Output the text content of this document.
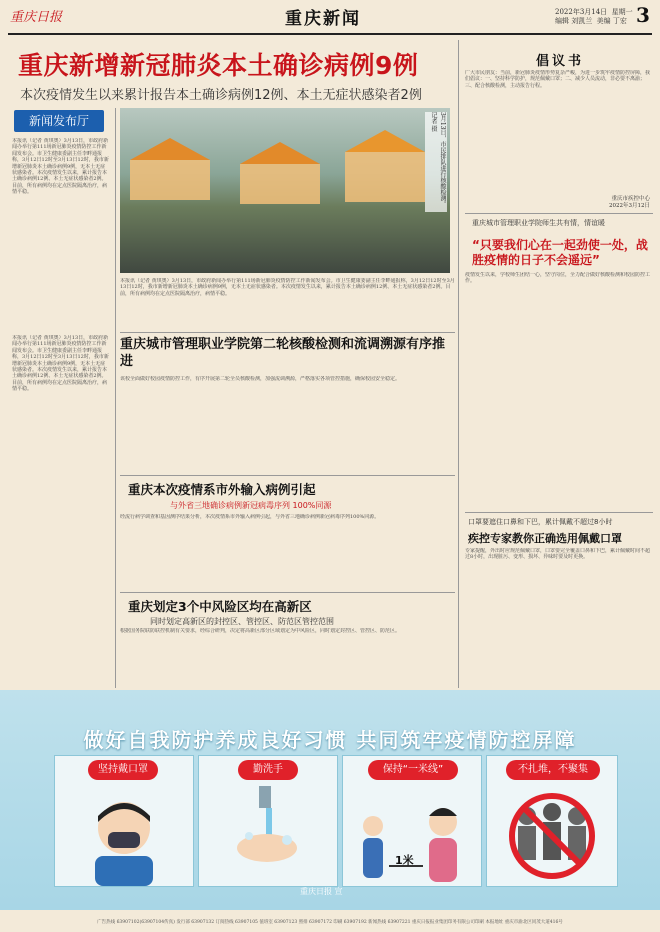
重庆日报	重庆新闻	2022年3月14日  星期一
编辑 刘凯兰  美编 丁宏 3
重庆新增新冠肺炎本土确诊病例9例
本次疫情发生以来累计报告本土确诊病例12例、本土无症状感染者2例
新闻发布厅
本报讯（记者 黄琪奥）3月13日，市政府新闻办举行第111场新冠肺炎疫情防控工作新闻发布会。市卫生健康委副主任李畔通报称，3月12日12时至3月13日12时，我市新增新冠肺炎本土确诊病例9例，无本土无症状感染者。本次疫情发生以来，累计报告本土确诊病例12例、本土无症状感染者2例。目前，所有病例均在定点医院隔离治疗，病情平稳。	3月13日，市民排队进行核酸检测。记者 摄
本报讯（记者 黄琪奥）3月13日，市政府新闻办举行第111场新冠肺炎疫情防控工作新闻发布会。市卫生健康委副主任李畔通报称，3月12日12时至3月13日12时，我市新增新冠肺炎本土确诊病例9例，无本土无症状感染者。本次疫情发生以来，累计报告本土确诊病例12例、本土无症状感染者2例。目前，所有病例均在定点医院隔离治疗，病情平稳。
本报讯（记者 黄琪奥）3月13日，市政府新闻办举行第111场新冠肺炎疫情防控工作新闻发布会。市卫生健康委副主任李畔通报称，3月12日12时至3月13日12时，我市新增新冠肺炎本土确诊病例9例，无本土无症状感染者。本次疫情发生以来，累计报告本土确诊病例12例、本土无症状感染者2例。目前，所有病例均在定点医院隔离治疗，病情平稳。
重庆城市管理职业学院第二轮核酸检测和流调溯源有序推进
该校全面做好校园疫情防控工作，有序开展第二轮全员核酸检测，加强流调溯源，严格落实各项管控措施，确保校园安全稳定。
重庆本次疫情系市外输入病例引起
与外省三地确诊病例新冠病毒序列 100%同源
经流行病学调查和基因测序结果分析，本次疫情系市外输入病例引起，与外省三地确诊病例新冠病毒序列100%同源。
重庆划定3个中风险区均在高新区
同时划定高新区的封控区、管控区、防范区管控范围
根据国务院联防联控机制有关要求，经综合研判，决定将高新区部分区域划定为中风险区，同时划定封控区、管控区、防范区。
倡议书
广大市民朋友：当前，新冠肺炎疫情形势复杂严峻，为进一步筑牢疫情防控屏障，我们倡议：一、坚持科学防护，规范佩戴口罩；二、减少人员流动，非必要不离渝；三、配合核酸检测，主动报告行程。
重庆市疾控中心
2022年3月12日
重庆城市管理职业学院师生共有情，情谊暖
“只要我们心在一起劲使一处，战胜疫情的日子不会遥远”
疫情发生以来，学校师生团结一心，坚守岗位，全力配合做好核酸检测和校园防控工作。
口罩要遮住口鼻和下巴，累计佩戴不超过8小时
疾控专家教你正确选用佩戴口罩
专家提醒，外出时应规范佩戴口罩，口罩要完全覆盖口鼻和下巴，累计佩戴时间不超过8小时，出现脏污、变形、损坏、异味时要及时更换。
做好自我防护养成良好习惯 共同筑牢疫情防控屏障
坚持戴口罩	勤洗手
1米
保持“一米线”	不扎堆，不聚集
重庆日报 宣
广告热线 63907102(63907104传真) 发行部 63907132 订阅热线 63907105 值班室 63907123 照排 63907172 印刷 63907192 新闻热线 63907221 重庆日报报业集团印务有限公司印刷 本报地址 重庆市渝北区同茂大道416号
